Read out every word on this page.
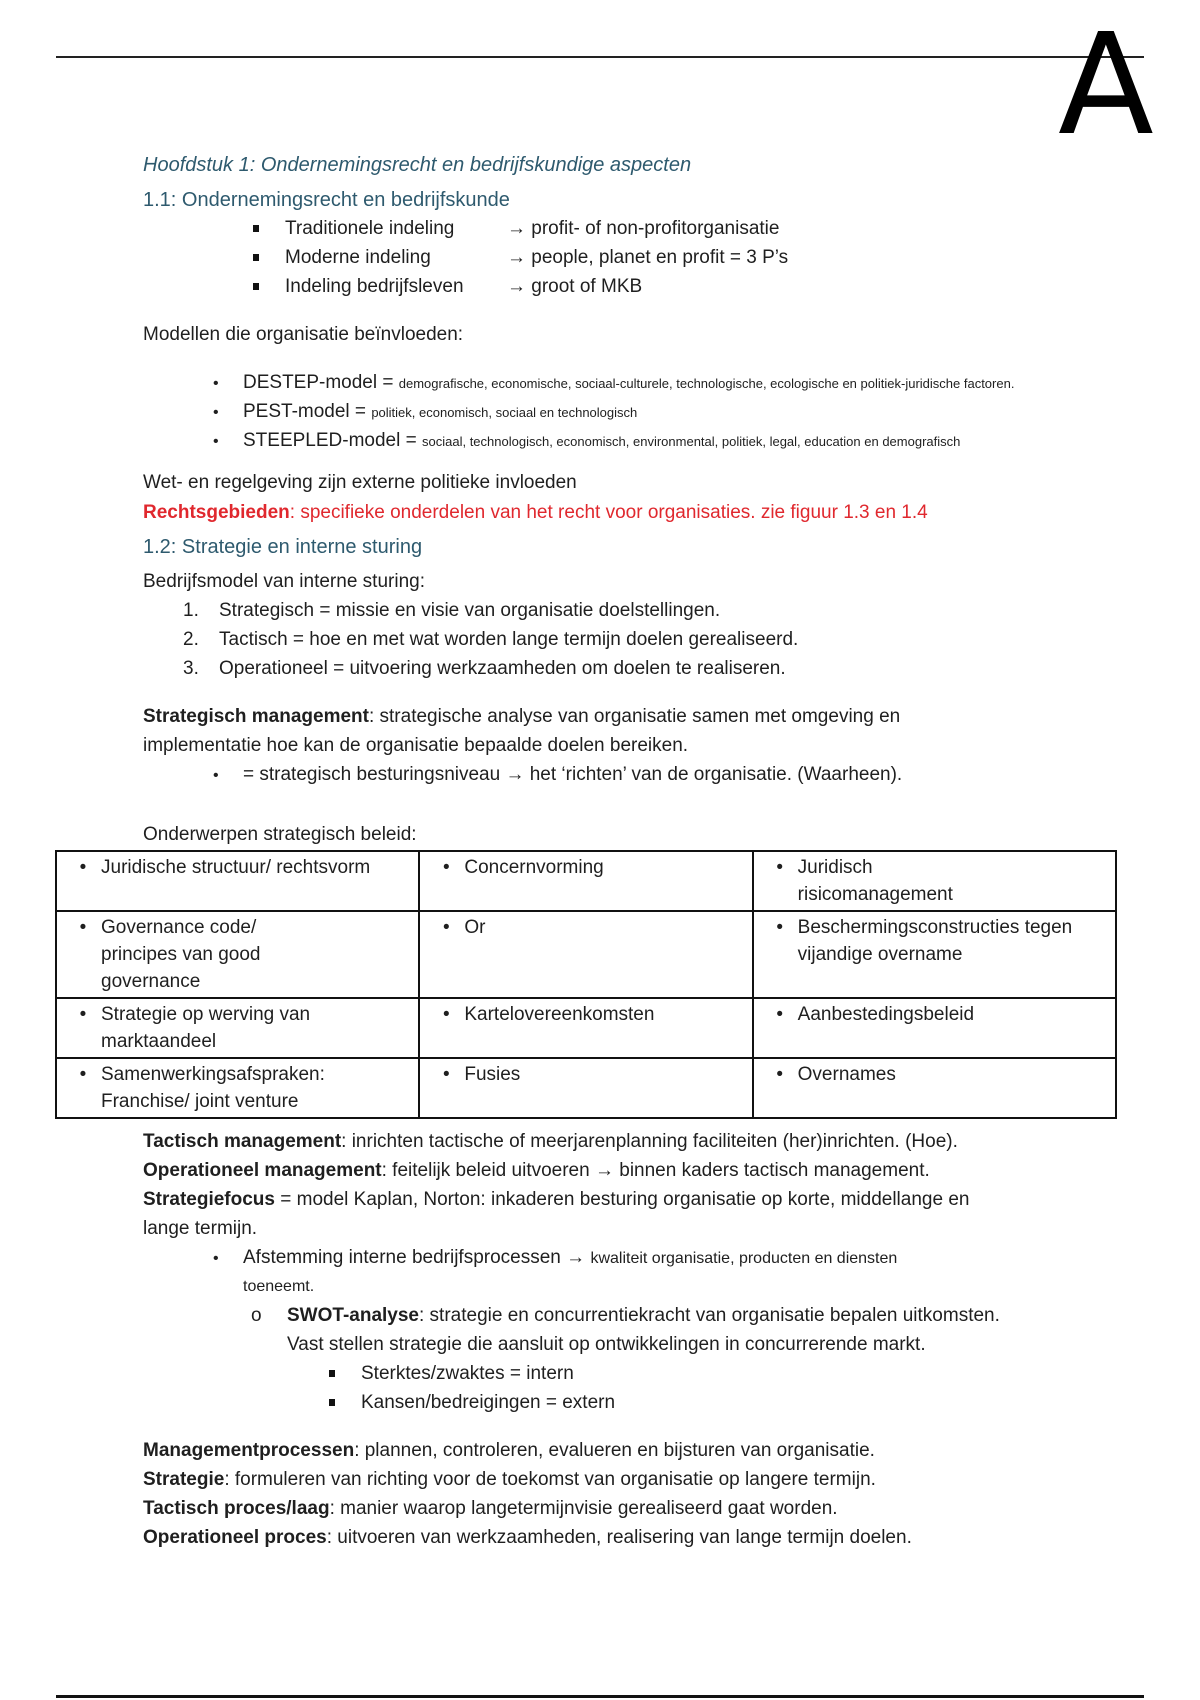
A
Hoofdstuk 1: Ondernemingsrecht en bedrijfskundige aspecten
1.1: Ondernemingsrecht en bedrijfskunde
Traditionele indeling	→ profit- of non-profitorganisatie
Moderne indeling	→ people, planet en profit = 3 P’s
Indeling bedrijfsleven → groot of MKB
Modellen die organisatie beïnvloeden:
• DESTEP-model = demografische, economische, sociaal-culturele, technologische, ecologische en politiek-juridische factoren.
• PEST-model = politiek, economisch, sociaal en technologisch
• STEEPLED-model = sociaal, technologisch, economisch, environmental, politiek, legal, education en demografisch
Wet- en regelgeving zijn externe politieke invloeden
Rechtsgebieden: specifieke onderdelen van het recht voor organisaties. zie figuur 1.3 en 1.4
1.2: Strategie en interne sturing
Bedrijfsmodel van interne sturing:
1. Strategisch = missie en visie van organisatie doelstellingen.
2. Tactisch = hoe en met wat worden lange termijn doelen gerealiseerd.
3. Operationeel = uitvoering werkzaamheden om doelen te realiseren.
Strategisch management: strategische analyse van organisatie samen met omgeving en
implementatie hoe kan de organisatie bepaalde doelen bereiken.
• = strategisch besturingsniveau → het ‘richten’ van de organisatie. (Waarheen).
Onderwerpen strategisch beleid:
• Juridische structuur/ rechtsvorm	• Concernvorming	• Juridisch risicomanagement

• Governance code/ principes van good governance	• Or	• Beschermingsconstructies tegen vijandige overname

• Strategie op werving van marktaandeel	• Kartelovereenkomsten	• Aanbestedingsbeleid

• Samenwerkingsafspraken: Franchise/ joint venture	• Fusies	• Overnames
Tactisch management: inrichten tactische of meerjarenplanning faciliteiten (her)inrichten. (Hoe).
Operationeel management: feitelijk beleid uitvoeren → binnen kaders tactisch management.
Strategiefocus = model Kaplan, Norton: inkaderen besturing organisatie op korte, middellange en
lange termijn.
• Afstemming interne bedrijfsprocessen → kwaliteit organisatie, producten en diensten
toeneemt.
o SWOT-analyse: strategie en concurrentiekracht van organisatie bepalen uitkomsten.
Vast stellen strategie die aansluit op ontwikkelingen in concurrerende markt.
Sterktes/zwaktes = intern
Kansen/bedreigingen = extern
Managementprocessen: plannen, controleren, evalueren en bijsturen van organisatie.
Strategie: formuleren van richting voor de toekomst van organisatie op langere termijn.
Tactisch proces/laag: manier waarop langetermijnvisie gerealiseerd gaat worden.
Operationeel proces: uitvoeren van werkzaamheden, realisering van lange termijn doelen.
